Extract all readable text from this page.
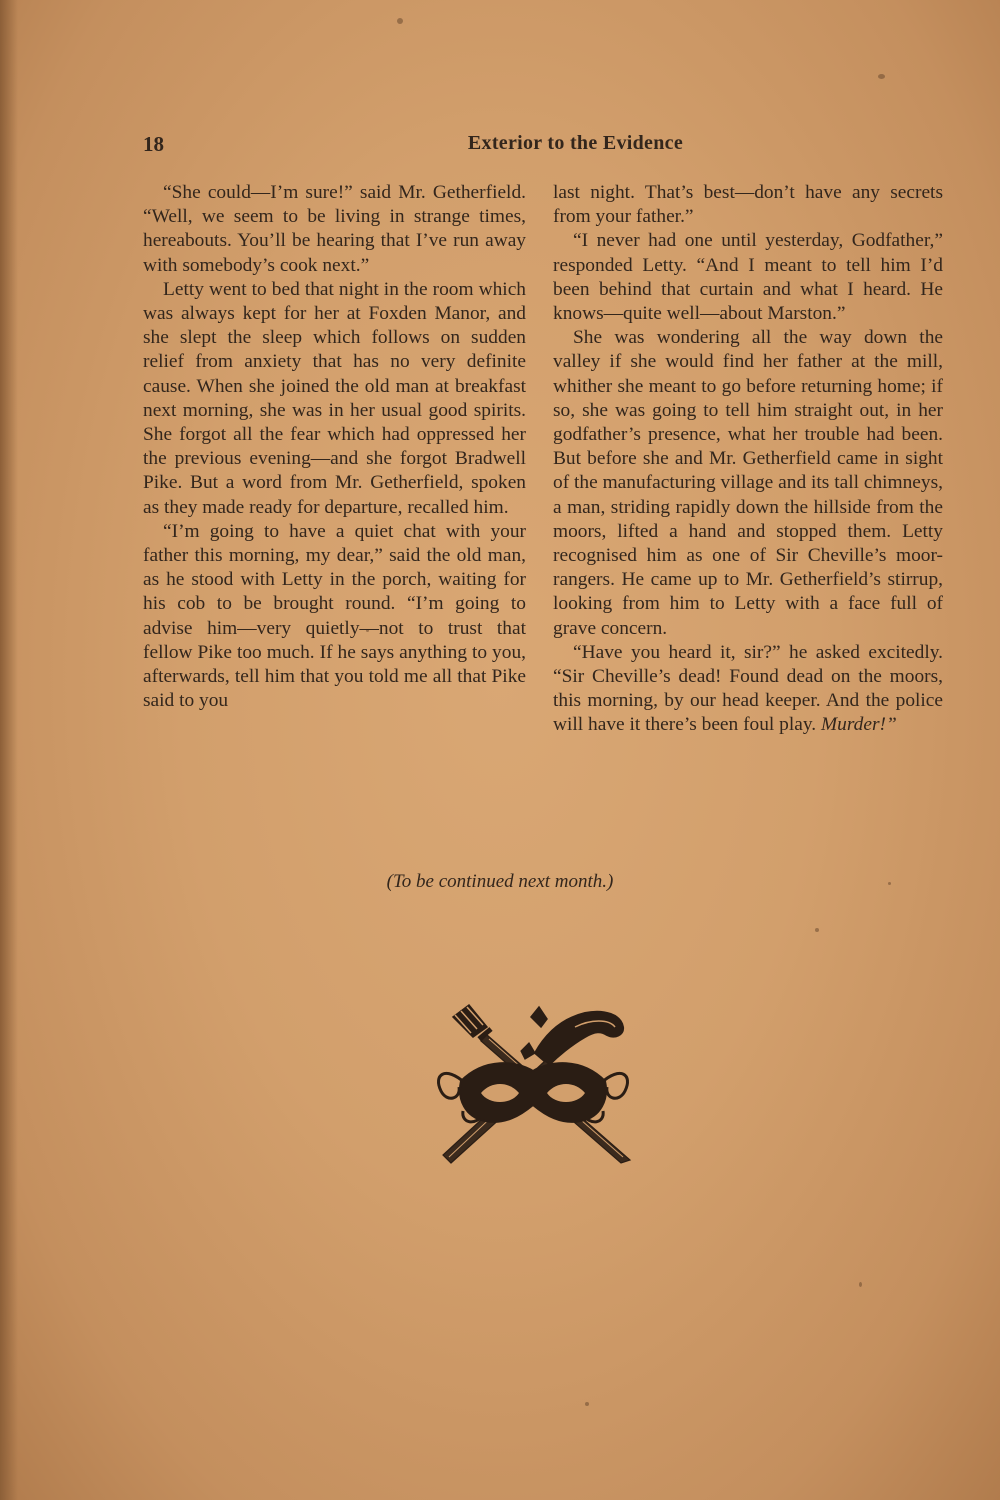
18	Exterior to the Evidence

“She could—I’m sure!” said Mr. Getherfield. “Well, we seem to be living in strange times, hereabouts. You’ll be hearing that I’ve run away with somebody’s cook next.”

Letty went to bed that night in the room which was always kept for her at Foxden Manor, and she slept the sleep which follows on sudden relief from anxiety that has no very definite cause. When she joined the old man at breakfast next morning, she was in her usual good spirits. She forgot all the fear which had oppressed her the previous evening—and she forgot Bradwell Pike. But a word from Mr. Getherfield, spoken as they made ready for departure, recalled him.

“I’m going to have a quiet chat with your father this morning, my dear,” said the old man, as he stood with Letty in the porch, waiting for his cob to be brought round. “I’m going to advise him—very quietly—not to trust that fellow Pike too much. If he says anything to you, afterwards, tell him that you told me all that Pike said to you

last night. That’s best—don’t have any secrets from your father.”

“I never had one until yesterday, Godfather,” responded Letty. “And I meant to tell him I’d been behind that curtain and what I heard. He knows—quite well—about Marston.”

She was wondering all the way down the valley if she would find her father at the mill, whither she meant to go before returning home; if so, she was going to tell him straight out, in her godfather’s presence, what her trouble had been. But before she and Mr. Getherfield came in sight of the manufacturing village and its tall chimneys, a man, striding rapidly down the hillside from the moors, lifted a hand and stopped them. Letty recognised him as one of Sir Cheville’s moor-rangers. He came up to Mr. Getherfield’s stirrup, looking from him to Letty with a face full of grave concern.

“Have you heard it, sir?” he asked excitedly. “Sir Cheville’s dead! Found dead on the moors, this morning, by our head keeper. And the police will have it there’s been foul play. Murder!”

(To be continued next month.)
